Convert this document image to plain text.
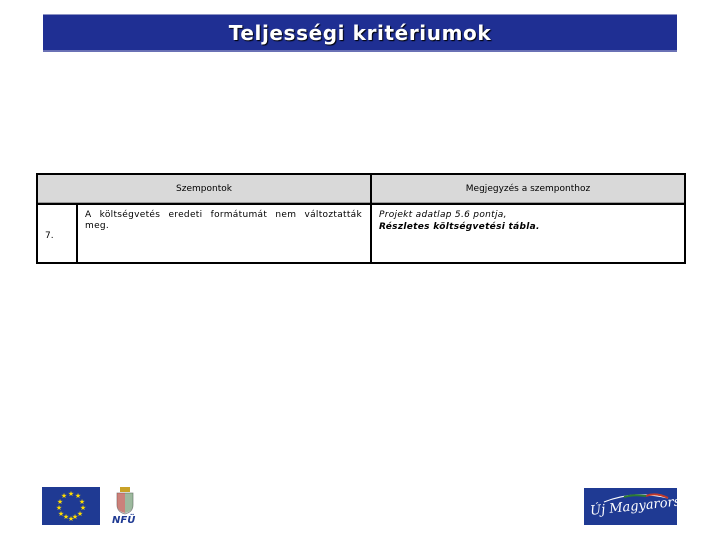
Teljességi kritériumok
Szempontok	Megjegyzés a szemponthoz
7.
A költségvetés eredeti formátumát nem változtatták meg.
Projekt adatlap 5.6 pontja,
Részletes költségvetési tábla.
★ ★
★
★
★
★
★
★
★
★
★
★
NFÜ
Új Magyarország
